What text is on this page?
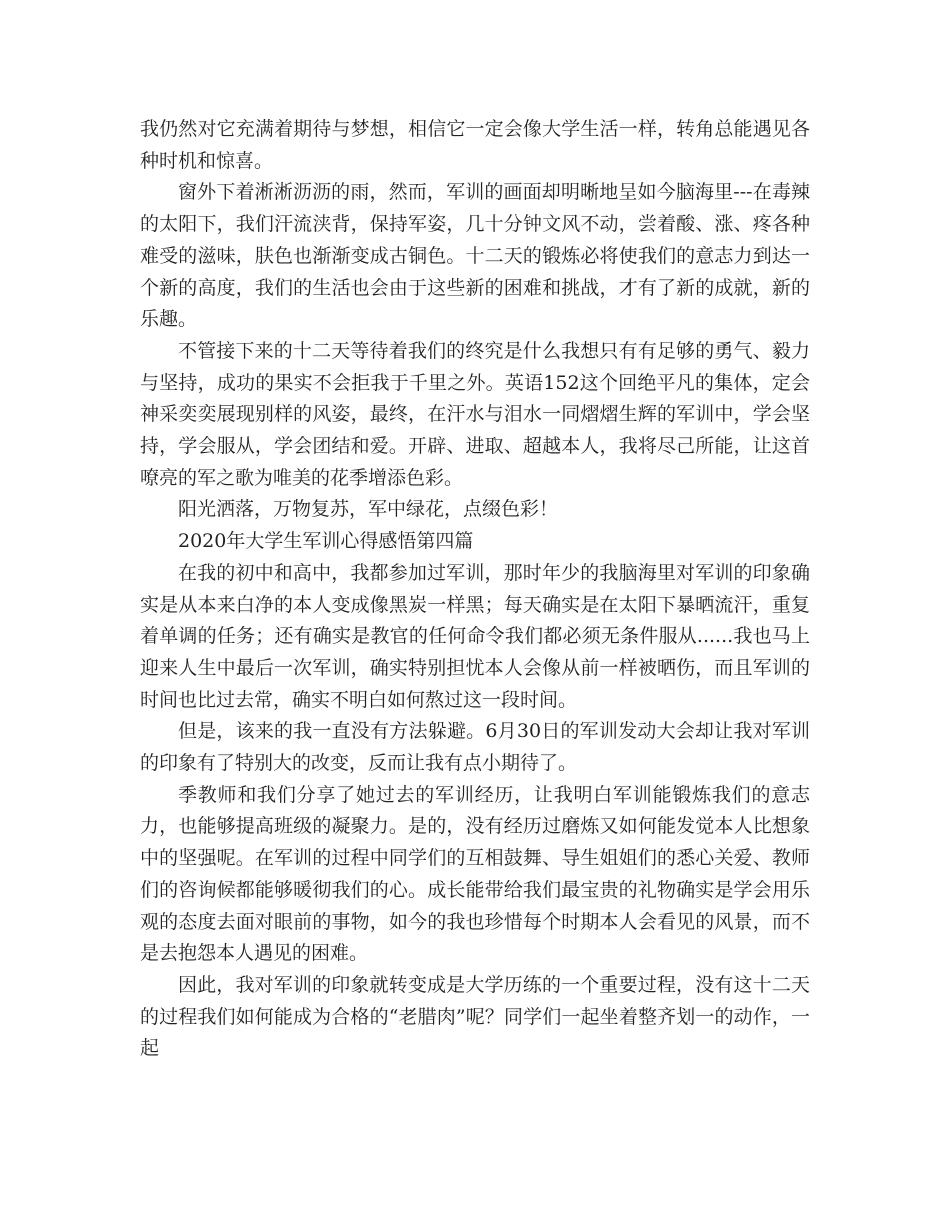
我仍然对它充满着期待与梦想，相信它一定会像大学生活一样，转角总能遇见各种时机和惊喜。

窗外下着淅淅沥沥的雨，然而，军训的画面却明晰地呈如今脑海里---在毒辣的太阳下，我们汗流浃背，保持军姿，几十分钟文风不动，尝着酸、涨、疼各种难受的滋味，肤色也渐渐变成古铜色。十二天的锻炼必将使我们的意志力到达一个新的高度，我们的生活也会由于这些新的困难和挑战，才有了新的成就，新的乐趣。

不管接下来的十二天等待着我们的终究是什么我想只有有足够的勇气、毅力与坚持，成功的果实不会拒我于千里之外。英语152这个回绝平凡的集体，定会神采奕奕展现别样的风姿，最终，在汗水与泪水一同熠熠生辉的军训中，学会坚持，学会服从，学会团结和爱。开辟、进取、超越本人，我将尽己所能，让这首嘹亮的军之歌为唯美的花季增添色彩。

阳光洒落，万物复苏，军中绿花，点缀色彩！

2020年大学生军训心得感悟第四篇

在我的初中和高中，我都参加过军训，那时年少的我脑海里对军训的印象确实是从本来白净的本人变成像黑炭一样黑；每天确实是在太阳下暴晒流汗，重复着单调的任务；还有确实是教官的任何命令我们都必须无条件服从......我也马上迎来人生中最后一次军训，确实特别担忧本人会像从前一样被晒伤，而且军训的时间也比过去常，确实不明白如何熬过这一段时间。

但是，该来的我一直没有方法躲避。6月30日的军训发动大会却让我对军训的印象有了特别大的改变，反而让我有点小期待了。

季教师和我们分享了她过去的军训经历，让我明白军训能锻炼我们的意志力，也能够提高班级的凝聚力。是的，没有经历过磨炼又如何能发觉本人比想象中的坚强呢。在军训的过程中同学们的互相鼓舞、导生姐姐们的悉心关爱、教师们的咨询候都能够暖彻我们的心。成长能带给我们最宝贵的礼物确实是学会用乐观的态度去面对眼前的事物，如今的我也珍惜每个时期本人会看见的风景，而不是去抱怨本人遇见的困难。

因此，我对军训的印象就转变成是大学历练的一个重要过程，没有这十二天的过程我们如何能成为合格的“老腊肉”呢？同学们一起坐着整齐划一的动作，一起
